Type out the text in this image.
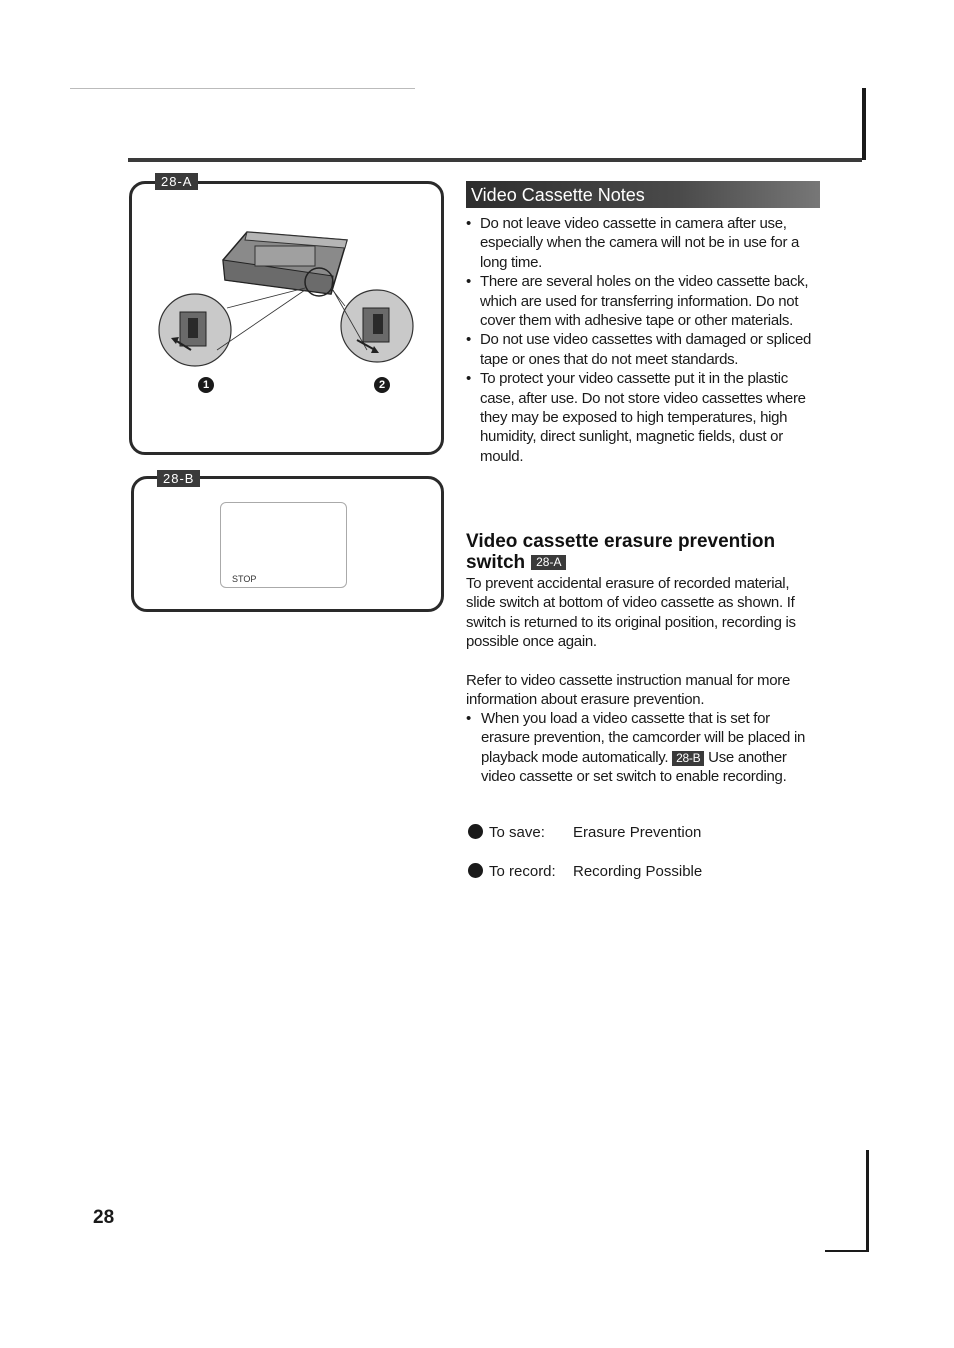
28-A
1	2
28-B
STOP
Video Cassette Notes
• Do not leave video cassette in camera after use, especially when the camera will not be in use for a long time.
• There are several holes on the video cassette back, which are used for transferring information. Do not cover them with adhesive tape or other materials.
• Do not use video cassettes with damaged or spliced tape or ones that do not meet standards.
• To protect your video cassette put it in the plastic case, after use. Do not store video cassettes where they may be exposed to high temperatures, high humidity, direct sunlight, magnetic fields, dust or mould.
Video cassette erasure prevention switch 28-A

To prevent accidental erasure of recorded material, slide switch at bottom of video cassette as shown. If switch is returned to its original position, recording is possible once again.

Refer to video cassette instruction manual for more information about erasure prevention.

• When you load a video cassette that is set for erasure prevention, the camcorder will be placed in playback mode automatically. 28-B Use another video cassette or set switch to enable recording.
To save: Erasure Prevention
To record: Recording Possible
28
